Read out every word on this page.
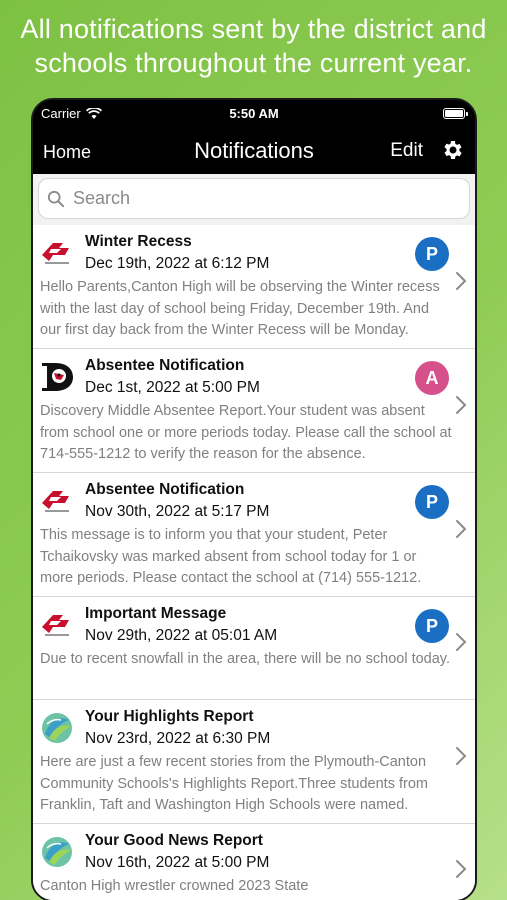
All notifications sent by the district and schools throughout the current year.
Carrier	5:50 AM
Home	Notifications	Edit
Search
Winter Recess
Dec 19th, 2022 at 6:12 PM
Hello Parents,Canton High will be observing the Winter recess with the last day of school being Friday, December 19th. And our first day back from the Winter Recess will be Monday.
P
Absentee Notification
Dec 1st, 2022 at 5:00 PM
Discovery Middle Absentee Report.Your student was absent from school one or more periods today. Please call the school at 714-555-1212 to verify the reason for the absence.
A
Absentee Notification
Nov 30th, 2022 at 5:17 PM
This message is to inform you that your student, Peter Tchaikovsky was marked absent from school today for 1 or more periods. Please contact the school at (714) 555-1212.
P
Important Message
Nov 29th, 2022 at 05:01 AM
Due to recent snowfall in the area, there will be no school today.
P
Your Highlights Report
Nov 23rd, 2022 at 6:30 PM
Here are just a few recent stories from the Plymouth-Canton Community Schools's Highlights Report.Three students from Franklin, Taft and Washington High Schools were named.
Your Good News Report
Nov 16th, 2022 at 5:00 PM
Canton High wrestler crowned 2023 State
